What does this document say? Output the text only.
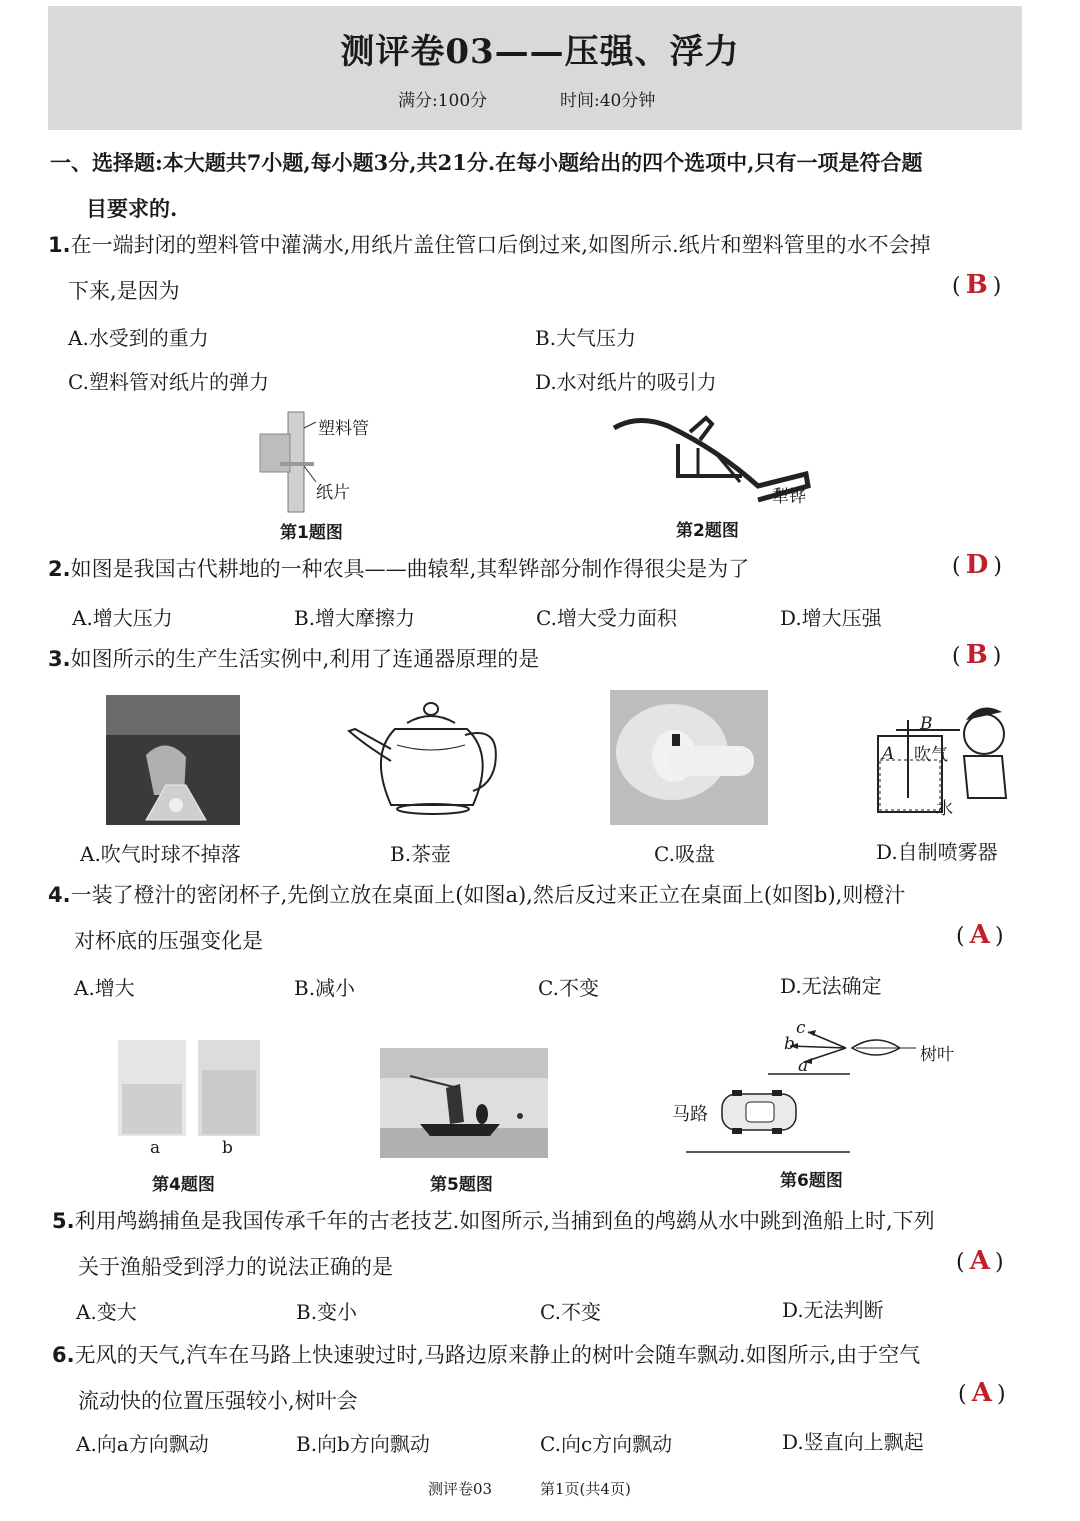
测评卷03——压强、浮力
满分:100分	时间:40分钟
一、选择题:本大题共7小题,每小题3分,共21分.在每小题给出的四个选项中,只有一项是符合题
目要求的.
1.在一端封闭的塑料管中灌满水,用纸片盖住管口后倒过来,如图所示.纸片和塑料管里的水不会掉
下来,是因为	( B )
A.水受到的重力	B.大气压力
C.塑料管对纸片的弹力	D.水对纸片的吸引力
塑料管
纸片
第1题图
犁铧
第2题图
2.如图是我国古代耕地的一种农具——曲辕犁,其犁铧部分制作得很尖是为了	( D )
A.增大压力	B.增大摩擦力	C.增大受力面积	D.增大压强
3.如图所示的生产生活实例中,利用了连通器原理的是	( B )
B
A 吹气
水
A.吹气时球不掉落	B.茶壶	C.吸盘	D.自制喷雾器
4.一装了橙汁的密闭杯子,先倒立放在桌面上(如图a),然后反过来正立在桌面上(如图b),则橙汁
对杯底的压强变化是	( A )
A.增大	B.减小	C.不变	D.无法确定
a	b
第4题图	第5题图
c
b
a
树叶
马路
第6题图
5.利用鸬鹚捕鱼是我国传承千年的古老技艺.如图所示,当捕到鱼的鸬鹚从水中跳到渔船上时,下列
关于渔船受到浮力的说法正确的是	( A )
A.变大	B.变小	C.不变	D.无法判断
6.无风的天气,汽车在马路上快速驶过时,马路边原来静止的树叶会随车飘动.如图所示,由于空气
流动快的位置压强较小,树叶会	( A )
A.向a方向飘动	B.向b方向飘动	C.向c方向飘动	D.竖直向上飘起
测评卷03	第1页(共4页)
